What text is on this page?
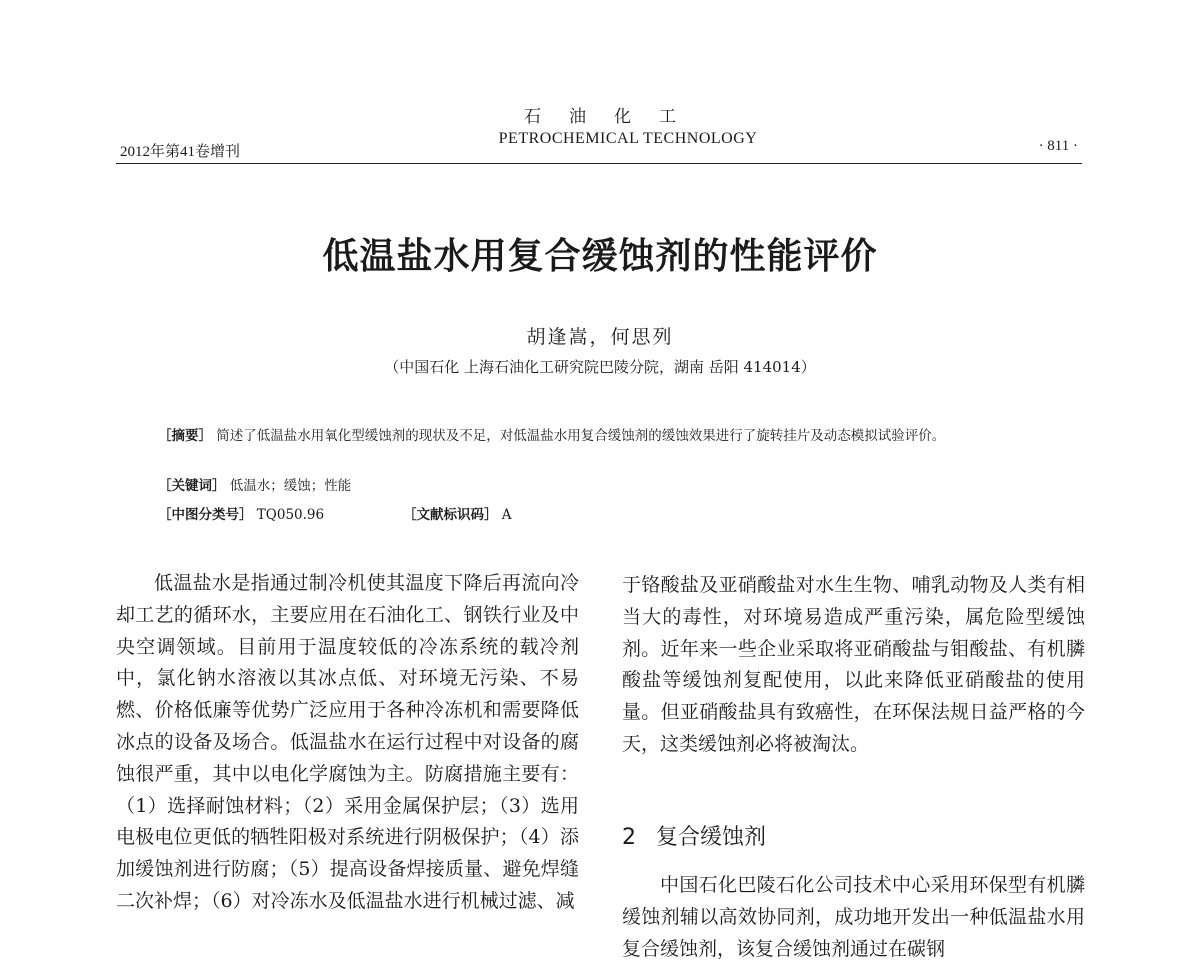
石油化工
PETROCHEMICAL TECHNOLOGY
2012年第41卷增刊	· 811 ·
低温盐水用复合缓蚀剂的性能评价
胡逢嵩，何思列
（中国石化 上海石油化工研究院巴陵分院，湖南 岳阳 414014）
［摘要］ 简述了低温盐水用氧化型缓蚀剂的现状及不足，对低温盐水用复合缓蚀剂的缓蚀效果进行了旋转挂片及动态模拟试验评价。
［关键词］ 低温水；缓蚀；性能
［中图分类号］ TQ050.96	［文献标识码］ A

低温盐水是指通过制冷机使其温度下降后再流向冷却工艺的循环水，主要应用在石油化工、钢铁行业及中央空调领域。目前用于温度较低的冷冻系统的载冷剂中，氯化钠水溶液以其冰点低、对环境无污染、不易燃、价格低廉等优势广泛应用于各种冷冻机和需要降低冰点的设备及场合。低温盐水在运行过程中对设备的腐蚀很严重，其中以电化学腐蚀为主。防腐措施主要有：（1）选择耐蚀材料；（2）采用金属保护层；（3）选用电极电位更低的牺牲阳极对系统进行阴极保护；（4）添加缓蚀剂进行防腐；（5）提高设备焊接质量、避免焊缝二次补焊；（6）对冷冻水及低温盐水进行机械过滤、减

于铬酸盐及亚硝酸盐对水生生物、哺乳动物及人类有相当大的毒性，对环境易造成严重污染，属危险型缓蚀剂。近年来一些企业采取将亚硝酸盐与钼酸盐、有机膦酸盐等缓蚀剂复配使用，以此来降低亚硝酸盐的使用量。但亚硝酸盐具有致癌性，在环保法规日益严格的今天，这类缓蚀剂必将被淘汰。

2 复合缓蚀剂

中国石化巴陵石化公司技术中心采用环保型有机膦缓蚀剂辅以高效协同剂，成功地开发出一种低温盐水用复合缓蚀剂，该复合缓蚀剂通过在碳钢
